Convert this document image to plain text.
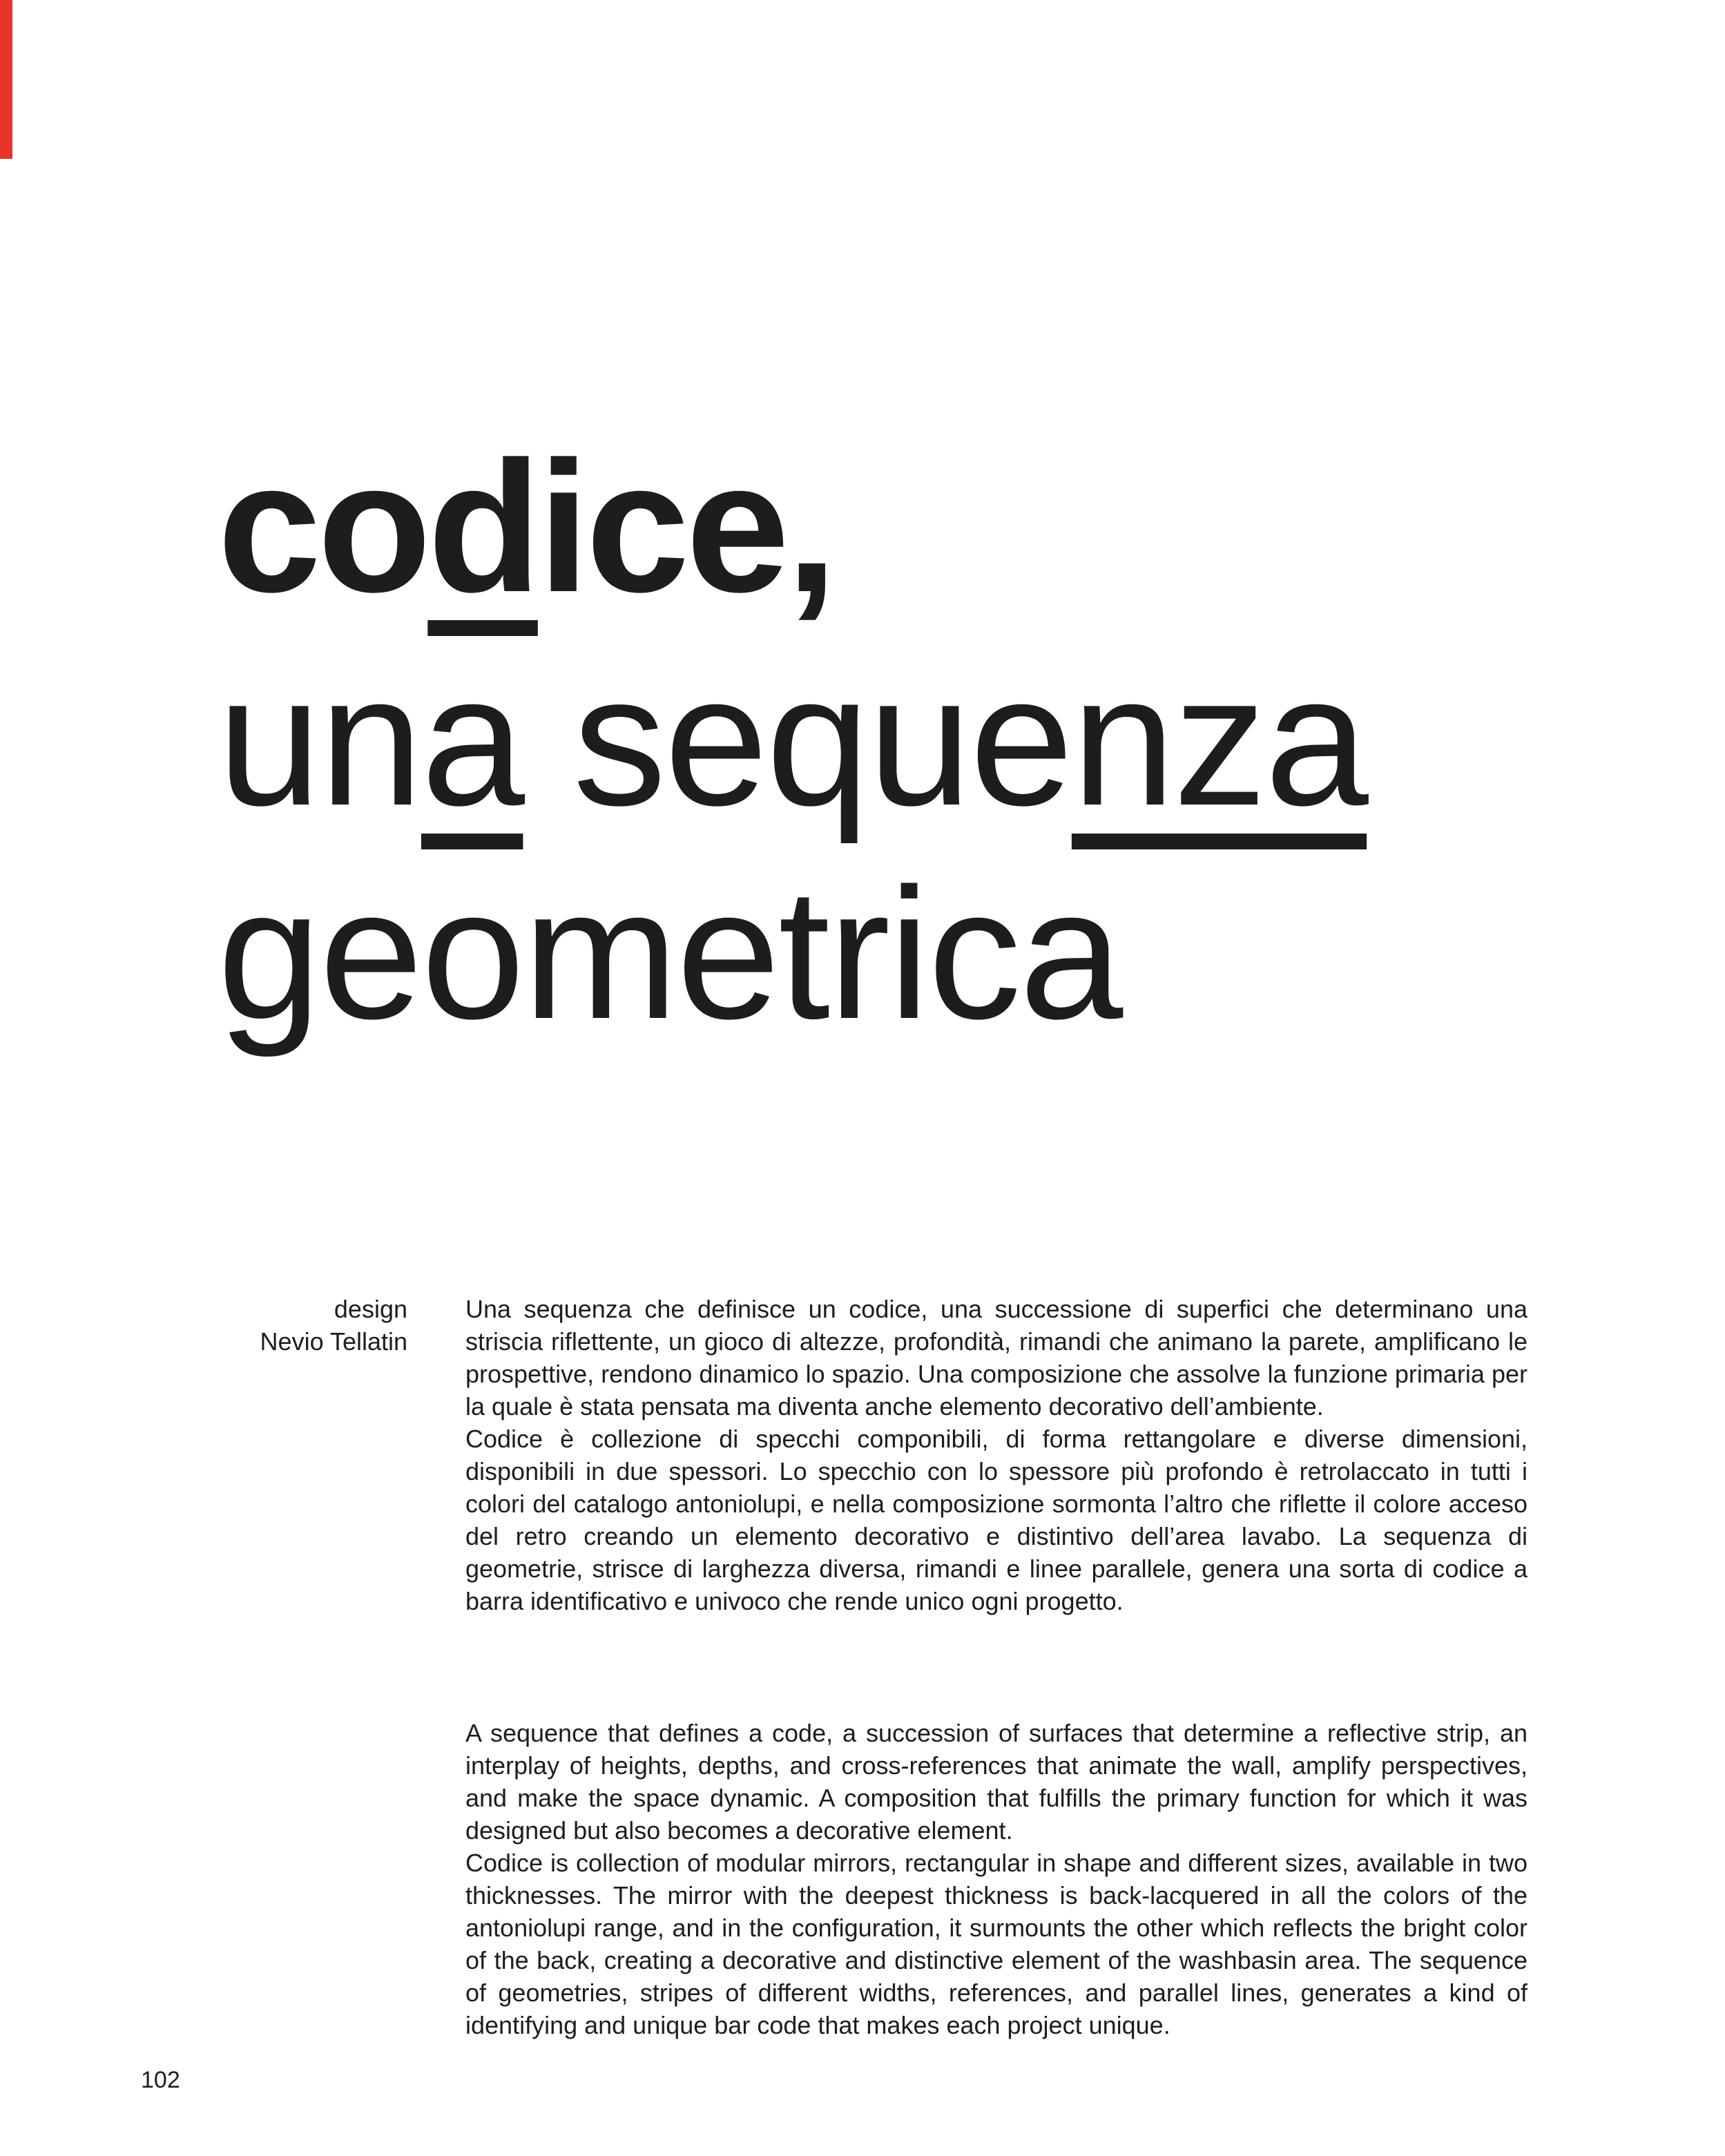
codice,
una sequenza
geometrica
design
Nevio Tellatin

Una sequenza che definisce un codice, una successione di superfici che determinano una striscia riflettente, un gioco di altezze, profondità, rimandi che animano la parete, amplificano le prospettive, rendono dinamico lo spazio. Una composizione che assolve la funzione primaria per la quale è stata pensata ma diventa anche elemento decorativo dell’ambiente.

Codice è collezione di specchi componibili, di forma rettangolare e diverse dimensioni, disponibili in due spessori. Lo specchio con lo spessore più profondo è retrolaccato in tutti i colori del catalogo antoniolupi, e nella composizione sormonta l’altro che riflette il colore acceso del retro creando un elemento decorativo e distintivo dell’area lavabo. La sequenza di geometrie, strisce di larghezza diversa, rimandi e linee parallele, genera una sorta di codice a barra identificativo e univoco che rende unico ogni progetto.

A sequence that defines a code, a succession of surfaces that determine a reflective strip, an interplay of heights, depths, and cross-references that animate the wall, amplify perspectives, and make the space dynamic. A composition that fulfills the primary function for which it was designed but also becomes a decorative element.

Codice is collection of modular mirrors, rectangular in shape and different sizes, available in two thicknesses. The mirror with the deepest thickness is back-lacquered in all the colors of the antoniolupi range, and in the configuration, it surmounts the other which reflects the bright color of the back, creating a decorative and distinctive element of the washbasin area. The sequence of geometries, stripes of different widths, references, and parallel lines, generates a kind of identifying and unique bar code that makes each project unique.

102
